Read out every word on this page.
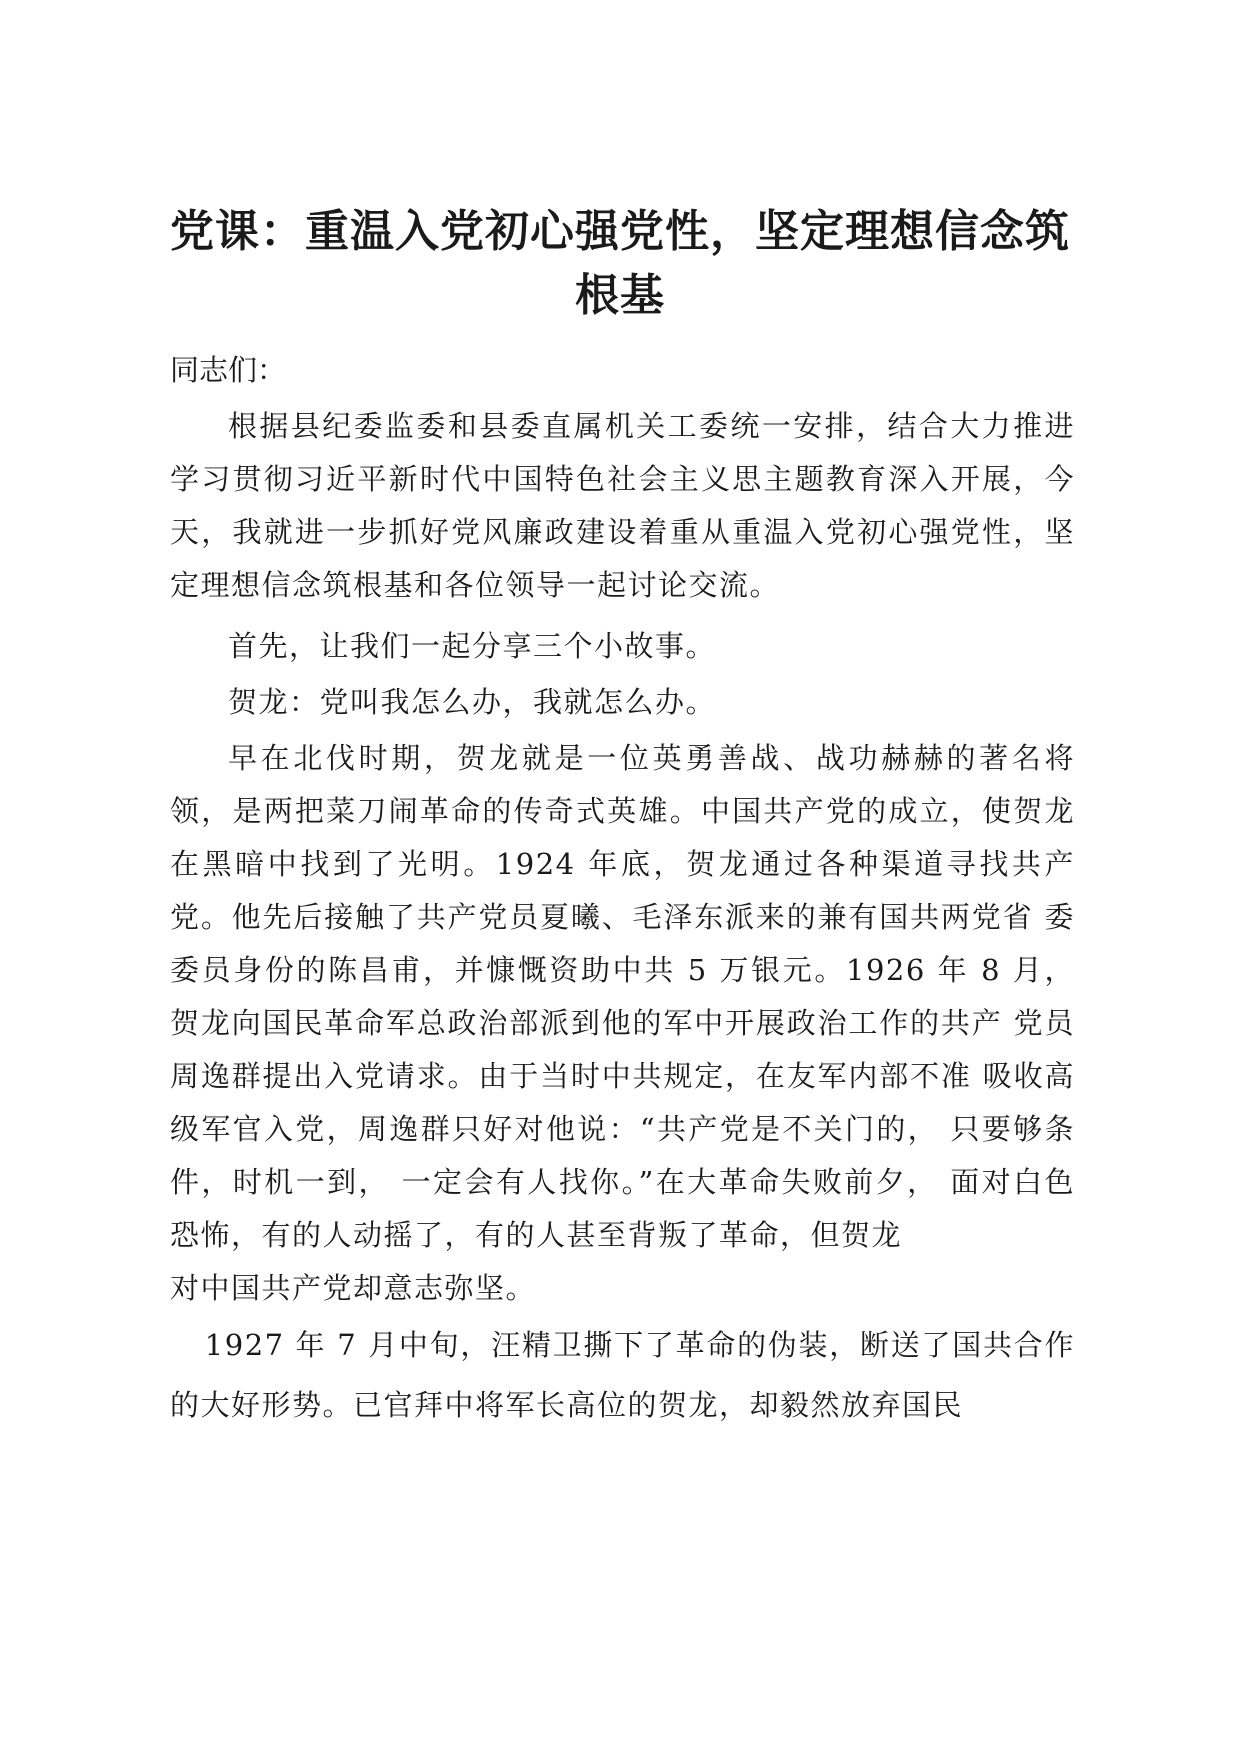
党课：重温入党初心强党性，坚定理想信念筑根基

同志们：

根据县纪委监委和县委直属机关工委统一安排，结合大力推进学习贯彻习近平新时代中国特色社会主义思主题教育深入开展，今天，我就进一步抓好党风廉政建设着重从重温入党初心强党性，坚定理想信念筑根基和各位领导一起讨论交流。

首先，让我们一起分享三个小故事。

贺龙：党叫我怎么办，我就怎么办。

早在北伐时期，贺龙就是一位英勇善战、战功赫赫的著名将领，是两把菜刀闹革命的传奇式英雄。中国共产党的成立，使贺龙在黑暗中找到了光明。1924 年底，贺龙通过各种渠道寻找共产 党。他先后接触了共产党员夏曦、毛泽东派来的兼有国共两党省 委委员身份的陈昌甫，并慷慨资助中共 5 万银元。1926 年 8 月， 贺龙向国民革命军总政治部派到他的军中开展政治工作的共产 党员周逸群提出入党请求。由于当时中共规定，在友军内部不准 吸收高级军官入党，周逸群只好对他说：“共产党是不关门的， 只要够条件，时机一到， 一定会有人找你。”在大革命失败前夕， 面对白色恐怖，有的人动摇了，有的人甚至背叛了革命，但贺龙
对中国共产党却意志弥坚。

1927 年 7 月中旬，汪精卫撕下了革命的伪装，断送了国共合作的大好形势。已官拜中将军长高位的贺龙，却毅然放弃国民
